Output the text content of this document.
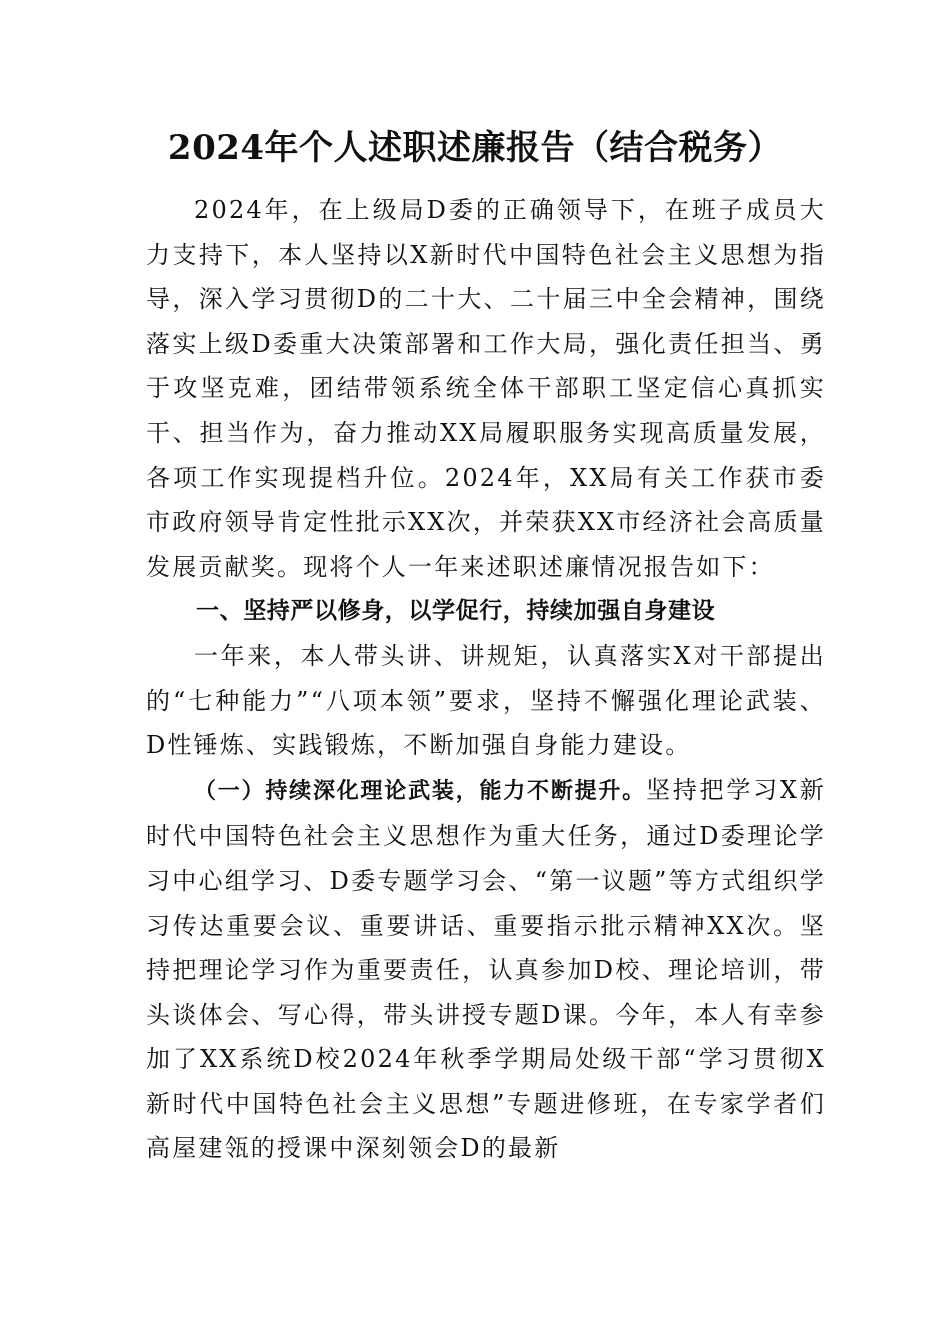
2024年个人述职述廉报告（结合税务）

2024年，在上级局D委的正确领导下，在班子成员大力支持下，本人坚持以X新时代中国特色社会主义思想为指导，深入学习贯彻D的二十大、二十届三中全会精神，围绕落实上级D委重大决策部署和工作大局，强化责任担当、勇于攻坚克难，团结带领系统全体干部职工坚定信心真抓实干、担当作为，奋力推动XX局履职服务实现高质量发展，各项工作实现提档升位。2024年，XX局有关工作获市委市政府领导肯定性批示XX次，并荣获XX市经济社会高质量发展贡献奖。现将个人一年来述职述廉情况报告如下：

一、坚持严以修身，以学促行，持续加强自身建设

一年来，本人带头讲、讲规矩，认真落实X对干部提出的“七种能力”“八项本领”要求，坚持不懈强化理论武装、D性锤炼、实践锻炼，不断加强自身能力建设。

（一）持续深化理论武装，能力不断提升。坚持把学习X新时代中国特色社会主义思想作为重大任务，通过D委理论学习中心组学习、D委专题学习会、“第一议题”等方式组织学习传达重要会议、重要讲话、重要指示批示精神XX次。坚持把理论学习作为重要责任，认真参加D校、理论培训，带头谈体会、写心得，带头讲授专题D课。今年，本人有幸参加了XX系统D校2024年秋季学期局处级干部“学习贯彻X新时代中国特色社会主义思想”专题进修班，在专家学者们高屋建瓴的授课中深刻领会D的最新
